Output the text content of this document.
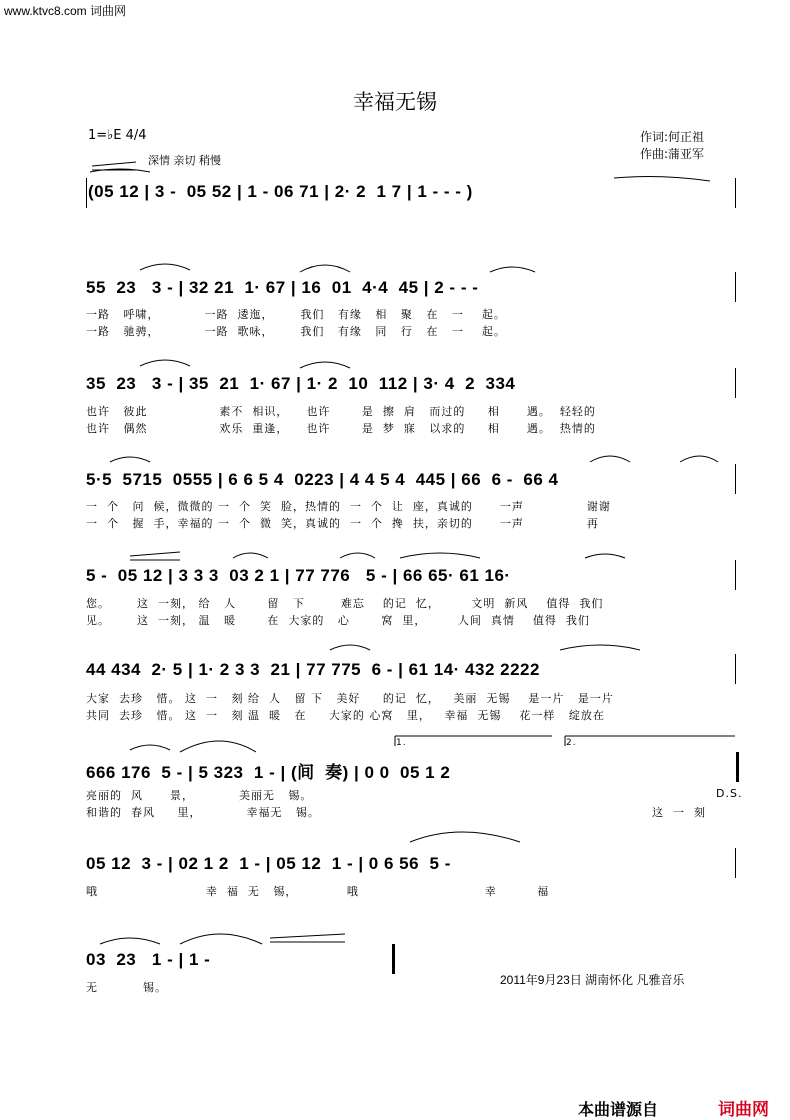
www.ktvc8.com 词曲网
幸福无锡
1=♭E 4/4
深情 亲切 稍慢
作词:何正祖
作曲:蒲亚军
(05 12 | 3 -  05 52 | 1 - 06 71 | 2· 2  1 7 | 1 - - - )
55  23   3 - | 32 21  1· 67 | 16  01  4·4  45 | 2 - - -
一路   呼啸，          一路  逶迤，      我们   有缘   相   聚   在   一    起。
一路   驰骋，          一路  歌咏，      我们   有缘   同   行   在   一    起。
35  23   3 - | 35  21  1· 67 | 1· 2  10  112 | 3· 4  2  334
也许   彼此                素不  相识，    也许       是  擦  肩   而过的     相      遇。  轻轻的
也许   偶然                欢乐  重逢，    也许       是  梦  寐   以求的     相      遇。  热情的
5·5  5715  0555 | 6 6 5 4  0223 | 4 4 5 4  445 | 66  6 -  66 4
一  个   问  候，微微的 一  个  笑  脸，热情的  一  个  让  座，真诚的      一声              谢谢
一  个   握  手，幸福的 一  个  微  笑，真诚的  一  个  搀  扶，亲切的      一声              再
5 -  05 12 | 3 3 3  03 2 1 | 77 776   5 - | 66 65· 61 16·
您。      这  一刻， 给   人       留   下        难忘    的记  忆，       文明  新风    值得  我们
见。      这  一刻， 温   暖       在  大家的   心       窝  里，       人间  真情    值得  我们
44 434  2· 5 | 1· 2 3 3  21 | 77 775  6 - | 61 14· 432 2222
大家  去珍   惜。 这  一   刻 给  人   留 下   美好     的记  忆，   美丽  无锡    是一片   是一片
共同  去珍   惜。 这  一   刻 温  暖   在     大家的 心窝   里，   幸福  无锡    花一样   绽放在
1.	2.
666 176  5 - | 5 323  1 - | (间  奏) | 0 0  05 1 2
亮丽的  风      景，          美丽无   锡。
和谐的  春风     里，          幸福无   锡。
D.S.
这  一  刻
05 12  3 - | 02 1 2  1 - | 05 12  1 - | 0 6 56  5 -
哦                        幸  福  无   锡，           哦                            幸         福
03  23   1 - | 1 -
无          锡。
2011年9月23日 湖南怀化 凡雅音乐
本曲谱源自	词曲网
